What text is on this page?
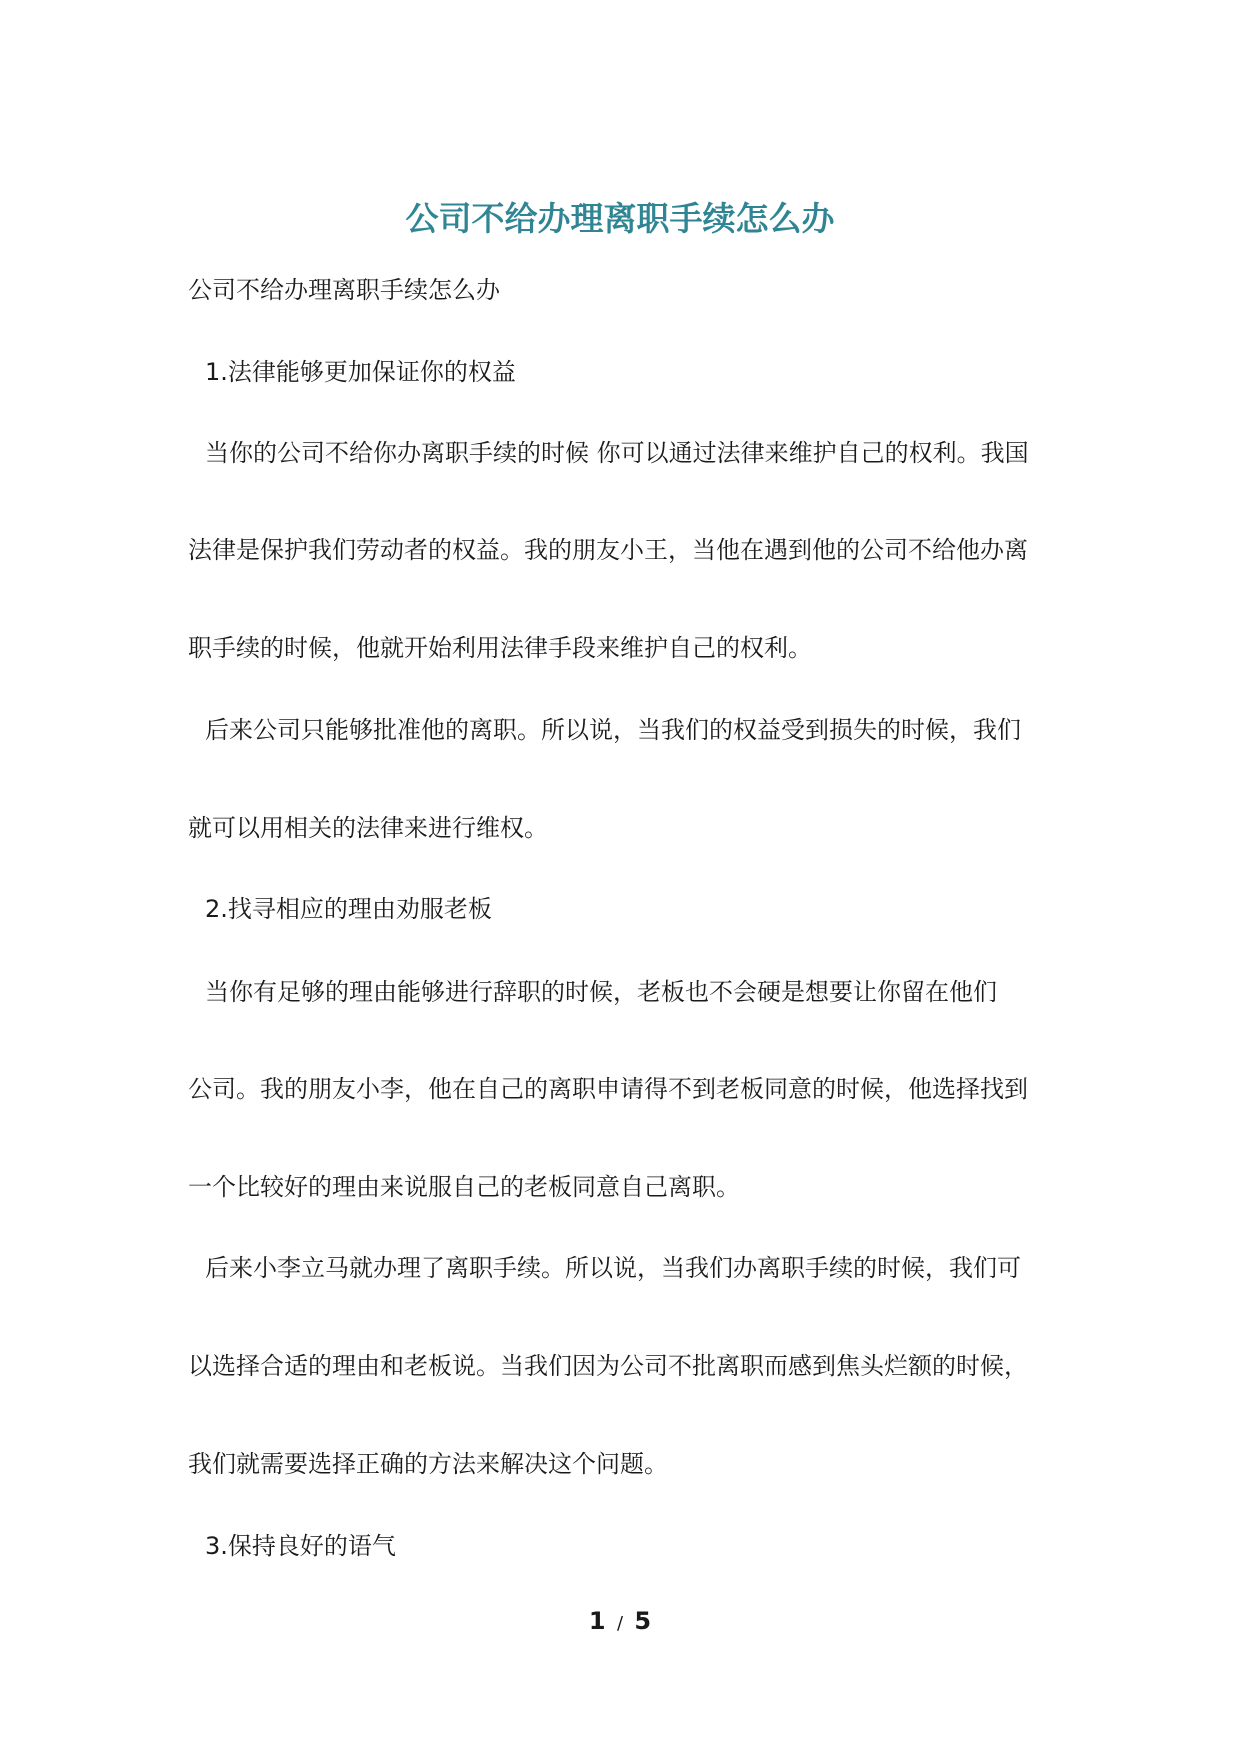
公司不给办理离职手续怎么办

公司不给办理离职手续怎么办

1.法律能够更加保证你的权益

当你的公司不给你办离职手续的时候 你可以通过法律来维护自己的权利。我国

法律是保护我们劳动者的权益。我的朋友小王，当他在遇到他的公司不给他办离

职手续的时候，他就开始利用法律手段来维护自己的权利。

后来公司只能够批准他的离职。所以说，当我们的权益受到损失的时候，我们

就可以用相关的法律来进行维权。

2.找寻相应的理由劝服老板

当你有足够的理由能够进行辞职的时候，老板也不会硬是想要让你留在他们

公司。我的朋友小李，他在自己的离职申请得不到老板同意的时候，他选择找到

一个比较好的理由来说服自己的老板同意自己离职。

后来小李立马就办理了离职手续。所以说，当我们办离职手续的时候，我们可

以选择合适的理由和老板说。当我们因为公司不批离职而感到焦头烂额的时候，

我们就需要选择正确的方法来解决这个问题。

3.保持良好的语气

1 / 5
